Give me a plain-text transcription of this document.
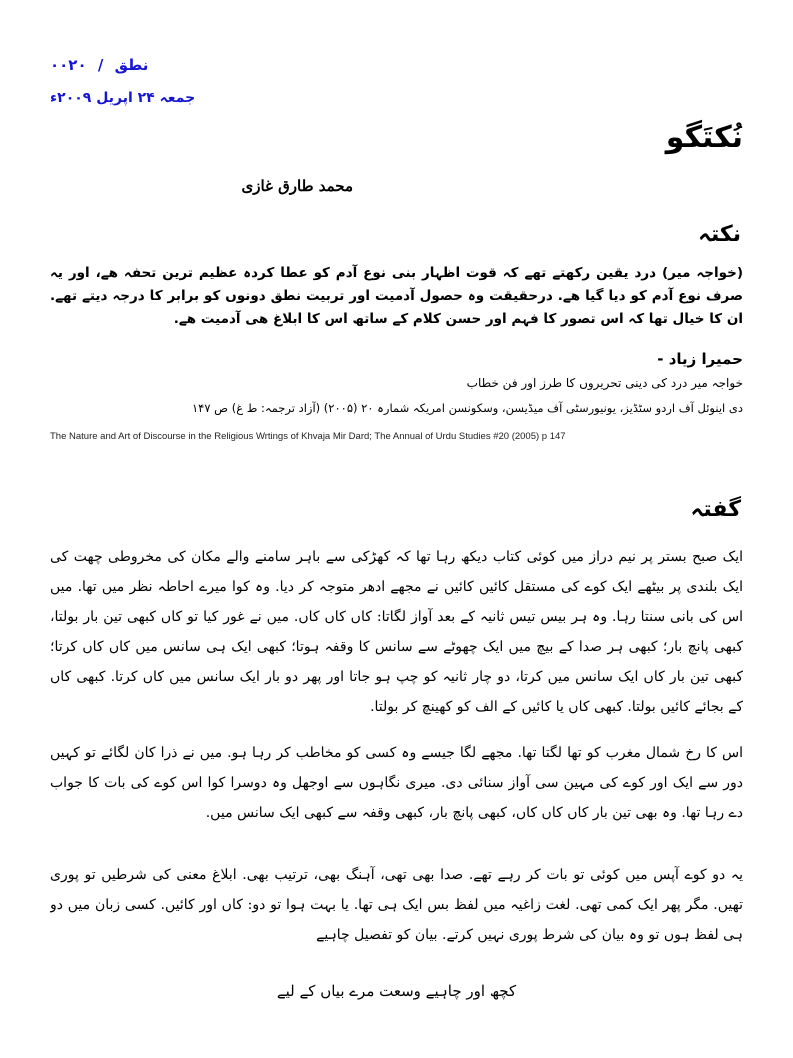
۰۰۲۰ / نطق
جمعہ ۲۴ اپریل ۲۰۰۹ء
نُکتَگو
محمد طارق غازی
نکتہ
(خواجہ میر) درد یقین رکھتے تھے کہ قوت اظہار بنی نوع آدم کو عطا کردہ عظیم ترین تحفہ ھے، اور یہ صرف نوع آدم کو دیا گیا ھے. درحقیقت وہ حصول آدمیت اور تربیت نطق دونوں کو برابر کا درجہ دیتے تھے. ان کا خیال تھا کہ اس تصور کا فہم اور حسن کلام کے ساتھ اس کا ابلاغ ھی آدمیت ھے.
حمیرا زیاد -
خواجہ میر درد کی دینی تحریروں کا طرز اور فن خطاب
دی اینوئل آف اردو سٹڈیز، یونیورسٹی آف میڈیسن، وسکونسن امریکہ شمارہ ۲۰ (۲۰۰۵) (آزاد ترجمہ: ط غ) ص ۱۴۷
The Nature and Art of Discourse in the Religious Wrtings of Khvaja Mir Dard; The Annual of Urdu Studies #20 (2005) p 147
گفتہ

ایک صبح بستر پر نیم دراز میں کوئی کتاب دیکھ رہا تھا کہ کھڑکی سے باہر سامنے والے مکان کی مخروطی چھت کی ایک بلندی پر بیٹھے ایک کوے کی مستقل کائیں کائیں نے مجھے ادھر متوجہ کر دیا. وہ کوا میرے احاطہ نظر میں تھا. میں اس کی بانی سنتا رہا. وہ ہر بیس تیس ثانیہ کے بعد آواز لگاتا: کاں کاں کاں. میں نے غور کیا تو کاں کبھی تین بار بولتا، کبھی پانچ بار؛ کبھی ہر صدا کے بیچ میں ایک چھوٹے سے سانس کا وقفہ ہوتا؛ کبھی ایک ہی سانس میں کاں کاں کرتا؛ کبھی تین بار کاں ایک سانس میں کرتا، دو چار ثانیہ کو چپ ہو جاتا اور پھر دو بار ایک سانس میں کاں کرتا. کبھی کاں کے بجائے کائیں بولتا. کبھی کاں یا کائیں کے الف کو کھینچ کر بولتا.

اس کا رخ شمال مغرب کو تھا لگتا تھا. مجھے لگا جیسے وہ کسی کو مخاطب کر رہا ہو. میں نے ذرا کان لگائے تو کہیں دور سے ایک اور کوے کی مہین سی آواز سنائی دی. میری نگاہوں سے اوجھل وہ دوسرا کوا اس کوے کی بات کا جواب دے رہا تھا. وہ بھی تین بار کاں کاں کاں، کبھی پانچ بار، کبھی وقفہ سے کبھی ایک سانس میں.

یہ دو کوے آپس میں کوئی تو بات کر رہے تھے. صدا بھی تھی، آہنگ بھی، ترتیب بھی. ابلاغ معنی کی شرطیں تو پوری تھیں. مگر پھر ایک کمی تھی. لغت زاغیہ میں لفظ بس ایک ہی تھا. یا بہت ہوا تو دو: کاں اور کائیں. کسی زبان میں دو ہی لفظ ہوں تو وہ بیان کی شرط پوری نہیں کرتے. بیان کو تفصیل چاہیے

کچھ اور چاہیے وسعت مرے بیاں کے لیے
